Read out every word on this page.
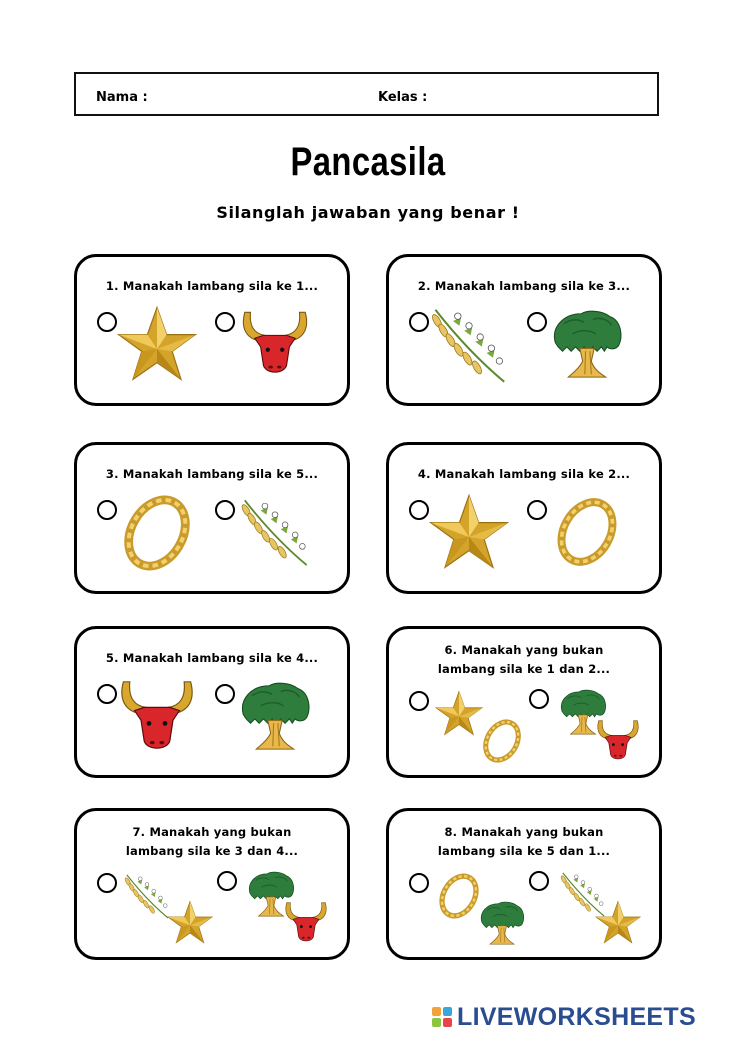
Nama :	Kelas :
Pancasila
Silanglah jawaban yang benar !
1. Manakah lambang sila ke 1...	2. Manakah lambang sila ke 3...
3. Manakah lambang sila ke 5...	4. Manakah lambang sila ke 2...
5. Manakah lambang sila ke 4...
6. Manakah yang bukan
lambang sila ke 1 dan 2...
7. Manakah yang bukan
lambang sila ke 3 dan 4...
8. Manakah yang bukan
lambang sila ke 5 dan 1...
LIVEWORKSHEETS
